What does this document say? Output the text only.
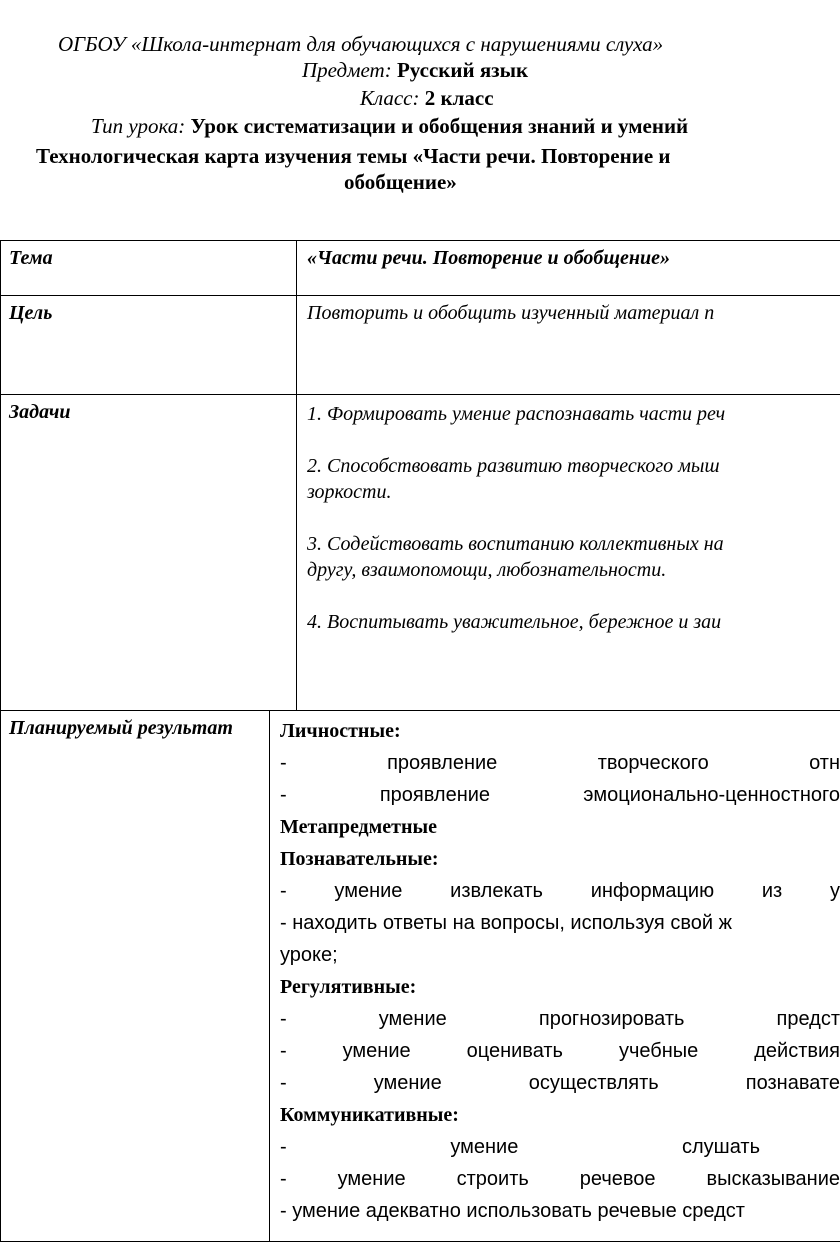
ОГБОУ «Школа-интернат для обучающихся с нарушениями слуха»
Предмет: Русский язык
Класс: 2 класс
Тип урока: Урок систематизации и обобщения знаний и умений
Технологическая карта изучения темы «Части речи. Повторение и
обобщение»
Тема	«Части речи. Повторение и обобщение»
Цель	Повторить и обобщить изученный материал п
Задачи	1. Формировать умение распознавать части реч

2. Способствовать развитию творческого мыш
зоркости.

3. Содействовать воспитанию коллективных на
другу, взаимопомощи, любознательности.

4. Воспитывать уважительное, бережное и заи

Планируемый результат	Личностные:
-	проявление	творческого	отн
-	проявление	эмоционально-ценностного
Метапредметные
Познавательные:
- умение извлекать информацию из у
- находить ответы на вопросы, используя свой ж
уроке;
Регулятивные:
-	умение	прогнозировать	предст
-	умение	оценивать	учебные	действия
-	умение	осуществлять	познавате
Коммуникативные:
-	умение	слушать
-	умение	строить	речевое	высказывание
- умение адекватно использовать речевые средст
